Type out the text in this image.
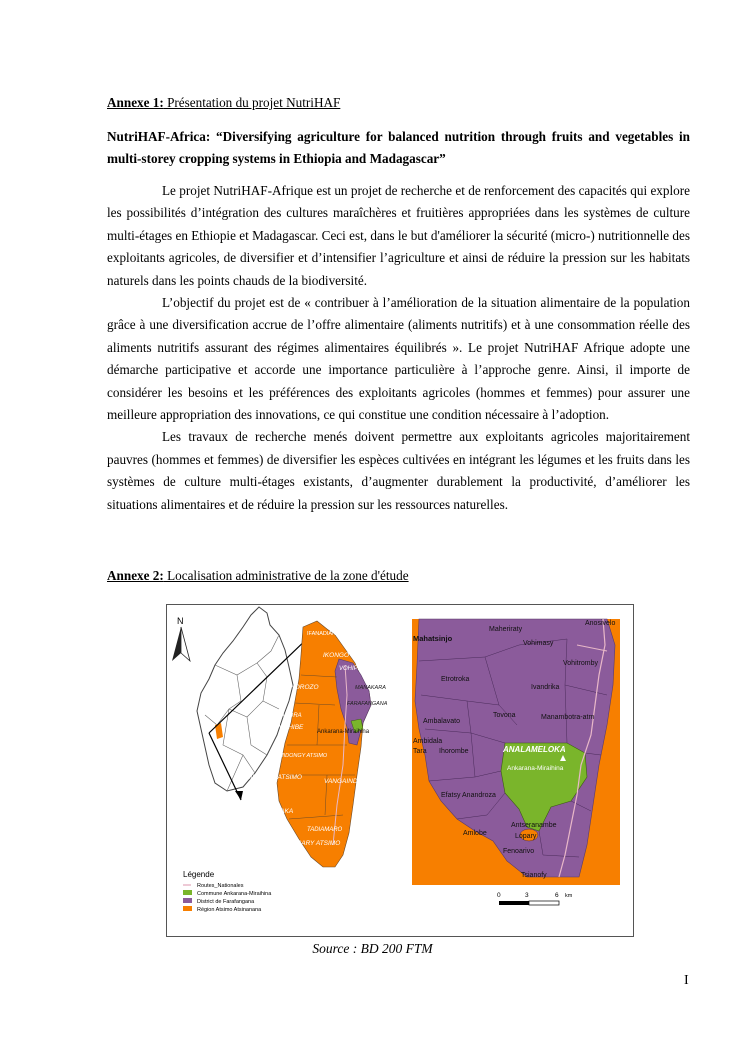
Annexe 1: Présentation du projet NutriHAF
NutriHAF-Africa: “Diversifying agriculture for balanced nutrition through fruits and vegetables in multi-storey cropping systems in Ethiopia and Madagascar”

Le projet NutriHAF-Afrique est un projet de recherche et de renforcement des capacités qui explore les possibilités d’intégration des cultures maraîchères et fruitières appropriées dans les systèmes de culture multi-étages en Ethiopie et Madagascar. Ceci est, dans le but d'améliorer la sécurité (micro-) nutritionnelle des exploitants agricoles, de diversifier et d’intensifier l’agriculture et ainsi de réduire la pression sur les habitats naturels dans les points chauds de la biodiversité.

L’objectif du projet est de « contribuer à l’amélioration de la situation alimentaire de la population grâce à une diversification accrue de l’offre alimentaire (aliments nutritifs) et à une consommation réelle des aliments nutritifs assurant des régimes alimentaires équilibrés ». Le projet NutriHAF Afrique adopte une démarche participative et accorde une importance particulière à l’approche genre. Ainsi, il importe de considérer les besoins et les préférences des exploitants agricoles (hommes et femmes) pour assurer une meilleure appropriation des innovations, ce qui constitue une condition nécessaire à l’adoption.

Les travaux de recherche menés doivent permettre aux exploitants agricoles majoritairement pauvres (hommes et femmes) de diversifier les espèces cultivées en intégrant les légumes et les fruits dans les systèmes de culture multi-étages existants, d’augmenter durablement la productivité, d’améliorer les situations alimentaires et de réduire la pression sur les ressources naturelles.

Annexe 2: Localisation administrative de la zone d'étude
N
IFANADIANA
IKONGO
VOHIPENO
VONDROZO	MANAKARA
FARAFANGANA
IAKORA
IVOHIBE
Ankarana-Miraihina
MIDONGY ATSIMO
MIDONGY ATSIMO
VANGAINDRANO
BEFOTAKA
TADIAMARO
AMPASARY ATSIMO
Légende
Routes_Nationales
Commune Ankarana-Miraihina
District de Farafangana
Région Atsimo Atsinanana
Anosivelo
Maheriraty
Mahatsinjo
Vohimasy
Vohitromby
Etrotroka
Ivandrika
Ambalavato
Tovona	Manambotra-atm
Ambidala
Tara Ihorombe	ANALAMELOKA
Ankarana-Miraihina
Efatsy Anandroza
Antseranambe
Amlobe	Lopary
Fenoarivo
Tsianofy
0	3	6 km
Source : BD 200 FTM
I
